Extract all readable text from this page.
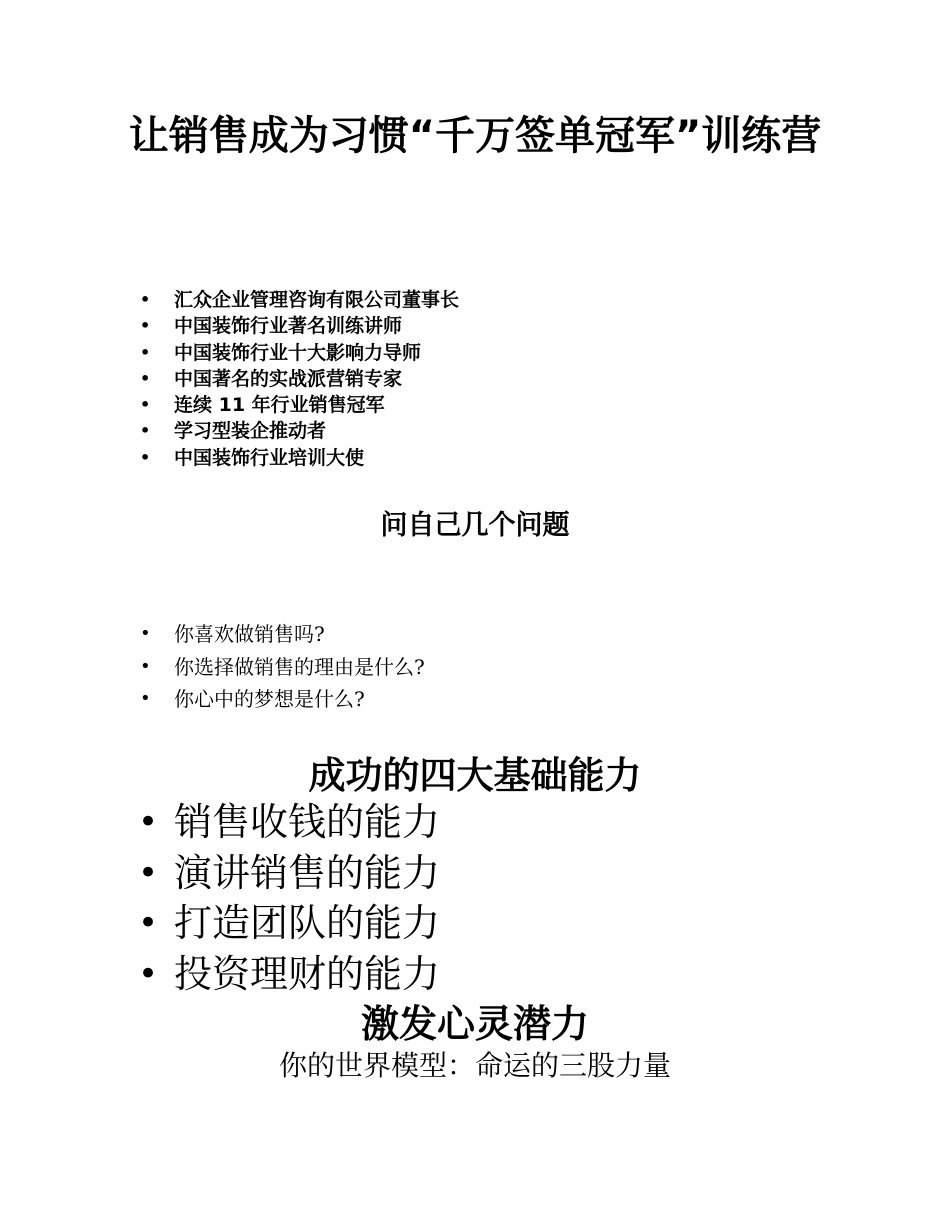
让销售成为习惯“千万签单冠军”训练营
• 汇众企业管理咨询有限公司董事长
• 中国装饰行业著名训练讲师
• 中国装饰行业十大影响力导师
• 中国著名的实战派营销专家
• 连续 11 年行业销售冠军
• 学习型装企推动者
• 中国装饰行业培训大使
问自己几个问题
• 你喜欢做销售吗?
• 你选择做销售的理由是什么?
• 你心中的梦想是什么?
成功的四大基础能力
• 销售收钱的能力
• 演讲销售的能力
• 打造团队的能力
• 投资理财的能力
激发心灵潜力

你的世界模型：命运的三股力量
